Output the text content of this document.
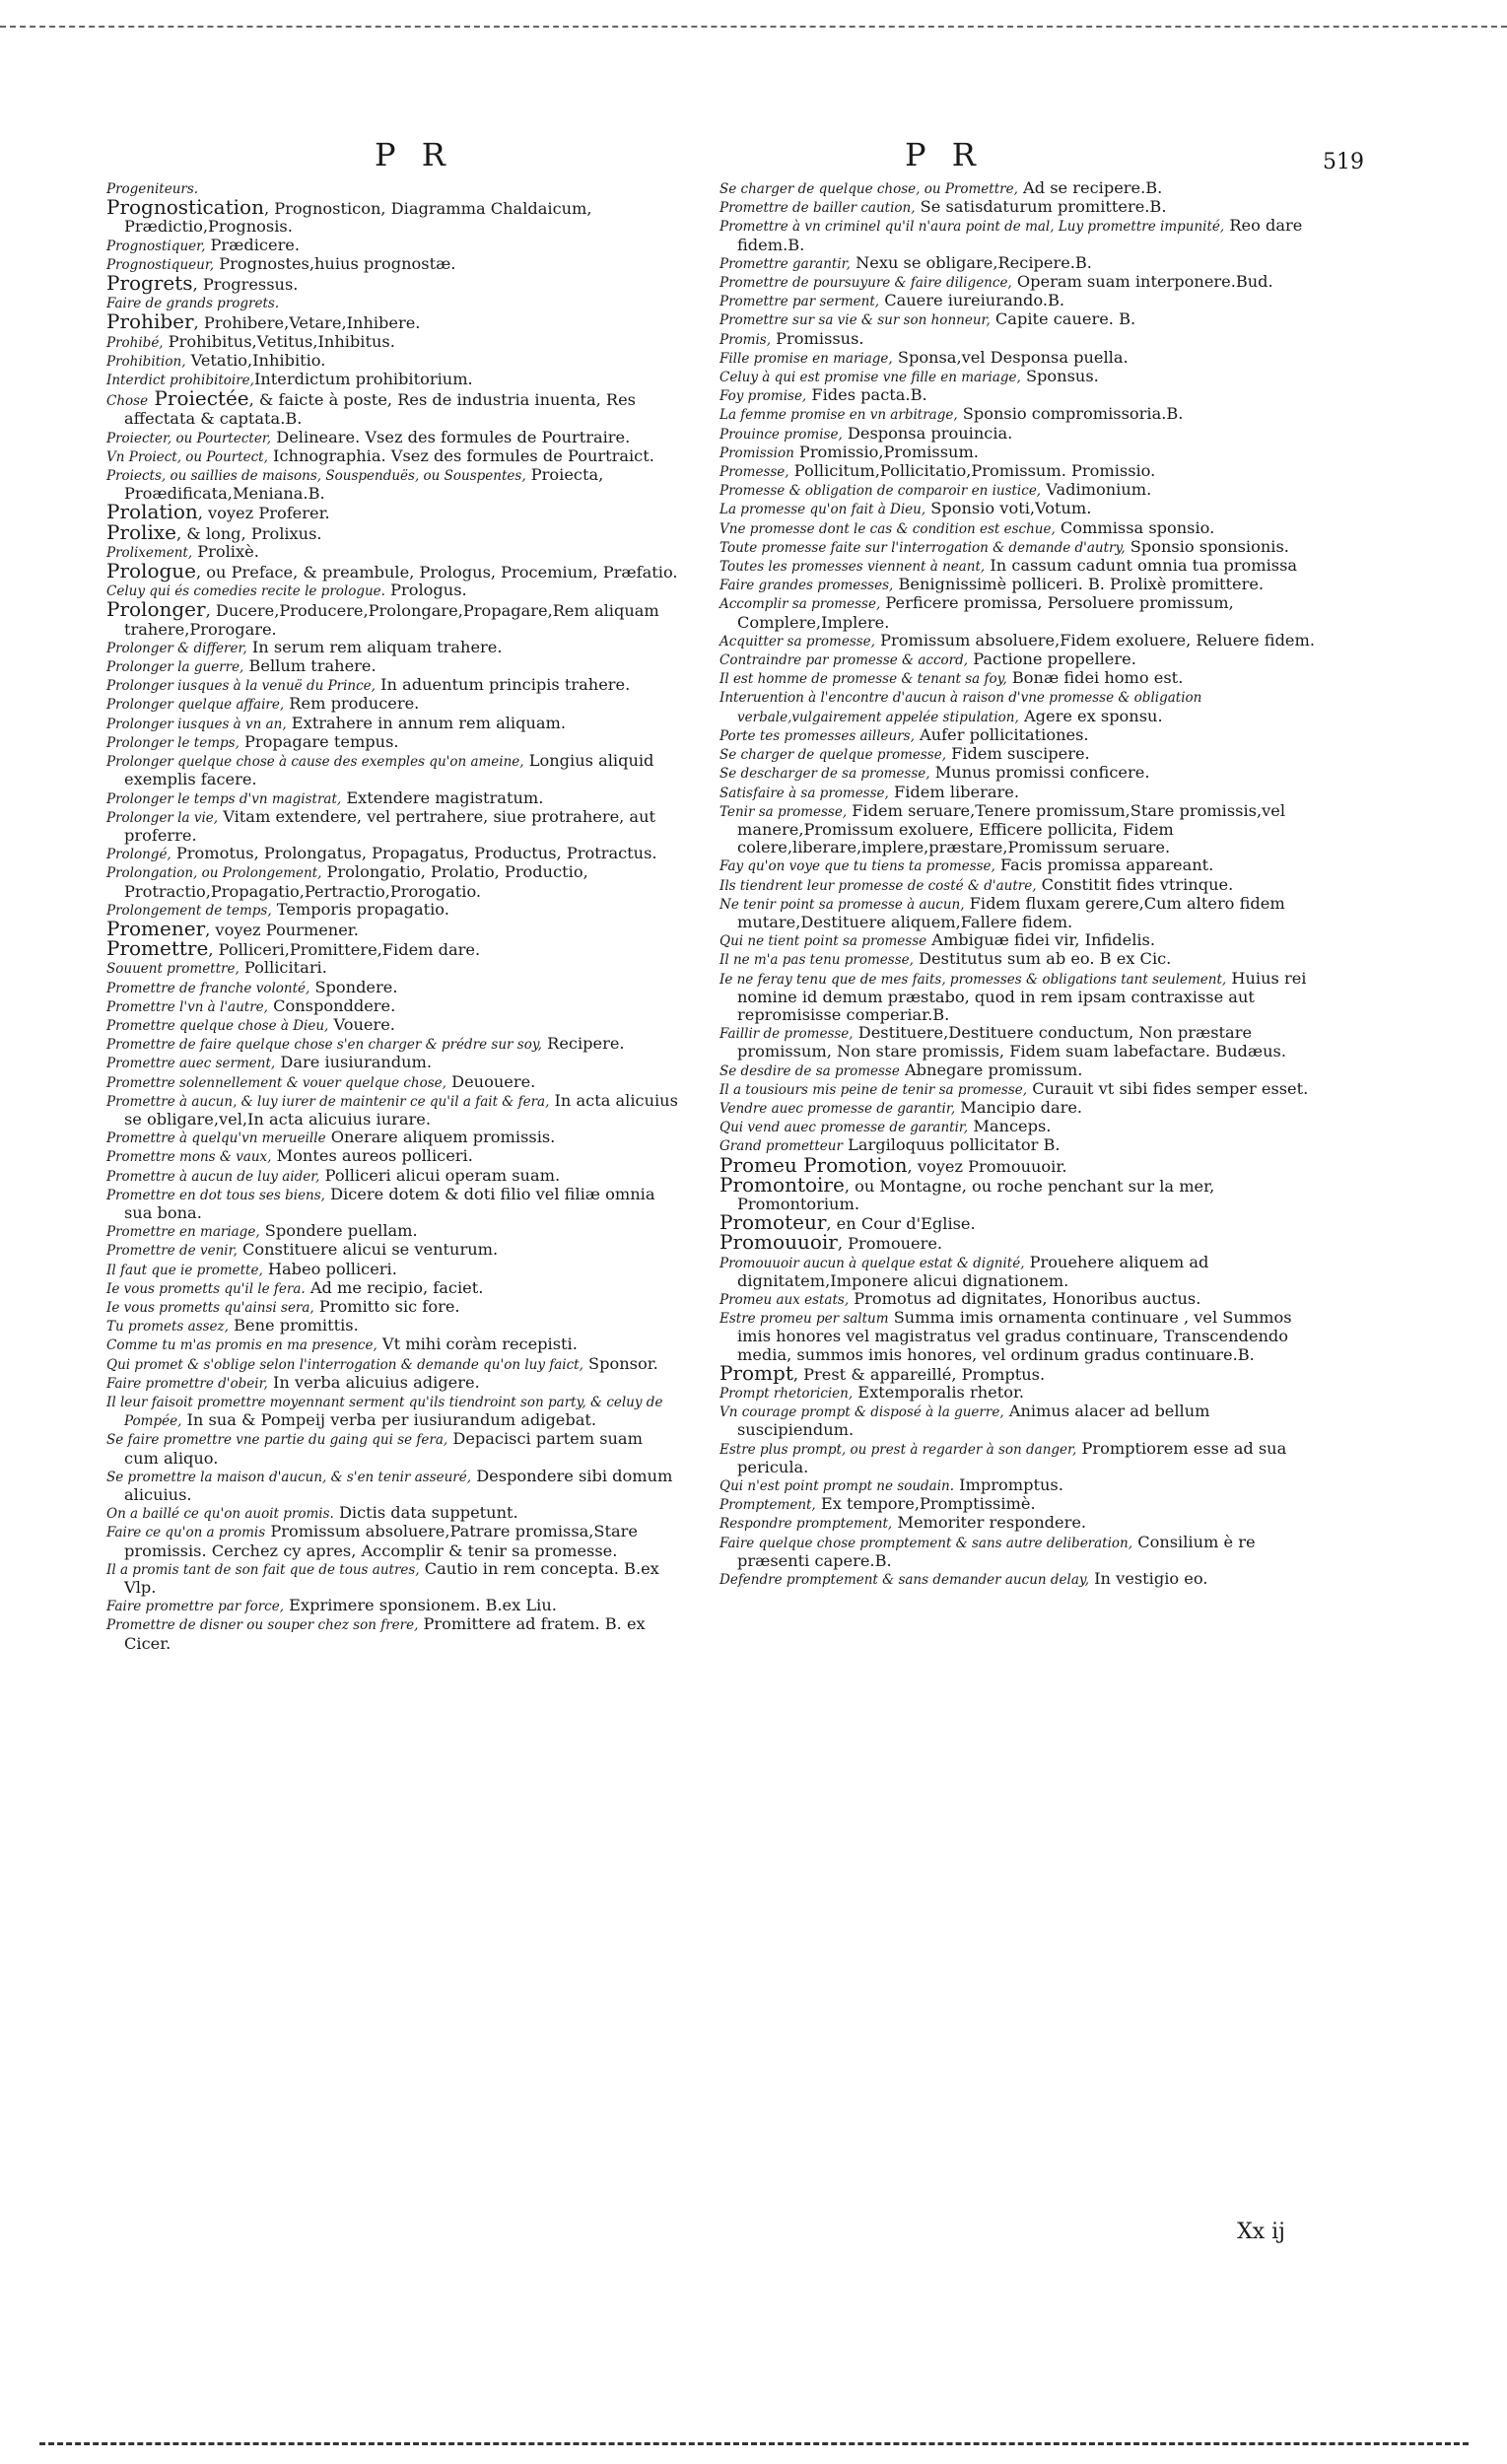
P R	P R	519

Progeniteurs.

Prognostication, Prognosticon, Diagramma Chaldaicum, Prædictio,Prognosis.

Prognostiquer, Prædicere.

Prognostiqueur, Prognostes,huius prognostæ.

Progrets, Progressus.

Faire de grands progrets.

Prohiber, Prohibere,Vetare,Inhibere.

Prohibé, Prohibitus,Vetitus,Inhibitus.

Prohibition, Vetatio,Inhibitio.

Interdict prohibitoire,Interdictum prohibitorium.

Chose Proiectée, & faicte à poste, Res de industria inuenta, Res affectata & captata.B.

Proiecter, ou Pourtecter, Delineare. Vsez des formules de Pourtraire.

Vn Proiect, ou Pourtect, Ichnographia. Vsez des formules de Pourtraict.

Proiects, ou saillies de maisons, Souspenduës, ou Souspentes, Proiecta, Proædificata,Meniana.B.

Prolation, voyez Proferer.

Prolixe, & long, Prolixus.

Prolixement, Prolixè.

Prologue, ou Preface, & preambule, Prologus, Procemium, Præfatio.

Celuy qui és comedies recite le prologue. Prologus.

Prolonger, Ducere,Producere,Prolongare,Propagare,Rem aliquam trahere,Prorogare.

Prolonger & differer, In serum rem aliquam trahere.

Prolonger la guerre, Bellum trahere.

Prolonger iusques à la venuë du Prince, In aduentum principis trahere.

Prolonger quelque affaire, Rem producere.

Prolonger iusques à vn an, Extrahere in annum rem aliquam.

Prolonger le temps, Propagare tempus.

Prolonger quelque chose à cause des exemples qu'on ameine, Longius aliquid exemplis facere.

Prolonger le temps d'vn magistrat, Extendere magistratum.

Prolonger la vie, Vitam extendere, vel pertrahere, siue protrahere, aut proferre.

Prolongé, Promotus, Prolongatus, Propagatus, Productus, Protractus.

Prolongation, ou Prolongement, Prolongatio, Prolatio, Productio, Protractio,Propagatio,Pertractio,Prorogatio.

Prolongement de temps, Temporis propagatio.

Promener, voyez Pourmener.

Promettre, Polliceri,Promittere,Fidem dare.

Souuent promettre, Pollicitari.

Promettre de franche volonté, Spondere.

Promettre l'vn à l'autre, Consponddere.

Promettre quelque chose à Dieu, Vouere.

Promettre de faire quelque chose s'en charger & prédre sur soy, Recipere.

Promettre auec serment, Dare iusiurandum.

Promettre solennellement & vouer quelque chose, Deuouere.

Promettre à aucun, & luy iurer de maintenir ce qu'il a fait & fera, In acta alicuius se obligare,vel,In acta alicuius iurare.

Promettre à quelqu'vn merueille Onerare aliquem promissis.

Promettre mons & vaux, Montes aureos polliceri.

Promettre à aucun de luy aider, Polliceri alicui operam suam.

Promettre en dot tous ses biens, Dicere dotem & doti filio vel filiæ omnia sua bona.

Promettre en mariage, Spondere puellam.

Promettre de venir, Constituere alicui se venturum.

Il faut que ie promette, Habeo polliceri.

Ie vous prometts qu'il le fera. Ad me recipio, faciet.

Ie vous prometts qu'ainsi sera, Promitto sic fore.

Tu promets assez, Bene promittis.

Comme tu m'as promis en ma presence, Vt mihi coràm recepisti.

Qui promet & s'oblige selon l'interrogation & demande qu'on luy faict, Sponsor.

Faire promettre d'obeir, In verba alicuius adigere.

Il leur faisoit promettre moyennant serment qu'ils tiendroint son party, & celuy de Pompée, In sua & Pompeij verba per iusiurandum adigebat.

Se faire promettre vne partie du gaing qui se fera, Depacisci partem suam cum aliquo.

Se promettre la maison d'aucun, & s'en tenir asseuré, Despondere sibi domum alicuius.

On a baillé ce qu'on auoit promis. Dictis data suppetunt.

Faire ce qu'on a promis Promissum absoluere,Patrare promissa,Stare promissis. Cerchez cy apres, Accomplir & tenir sa promesse.

Il a promis tant de son fait que de tous autres, Cautio in rem concepta. B.ex Vlp.

Faire promettre par force, Exprimere sponsionem. B.ex Liu.

Promettre de disner ou souper chez son frere, Promittere ad fratem. B. ex Cicer.

Se charger de quelque chose, ou Promettre, Ad se recipere.B.

Promettre de bailler caution, Se satisdaturum promittere.B.

Promettre à vn criminel qu'il n'aura point de mal, Luy promettre impunité, Reo dare fidem.B.

Promettre garantir, Nexu se obligare,Recipere.B.

Promettre de poursuyure & faire diligence, Operam suam interponere.Bud.

Promettre par serment, Cauere iureiurando.B.

Promettre sur sa vie & sur son honneur, Capite cauere. B.

Promis, Promissus.

Fille promise en mariage, Sponsa,vel Desponsa puella.

Celuy à qui est promise vne fille en mariage, Sponsus.

Foy promise, Fides pacta.B.

La femme promise en vn arbitrage, Sponsio compromissoria.B.

Prouince promise, Desponsa prouincia.

Promission Promissio,Promissum.

Promesse, Pollicitum,Pollicitatio,Promissum. Promissio.

Promesse & obligation de comparoir en iustice, Vadimonium.

La promesse qu'on fait à Dieu, Sponsio voti,Votum.

Vne promesse dont le cas & condition est eschue, Commissa sponsio.

Toute promesse faite sur l'interrogation & demande d'autry, Sponsio sponsionis.

Toutes les promesses viennent à neant, In cassum cadunt omnia tua promissa

Faire grandes promesses, Benignissimè polliceri. B. Prolixè promittere.

Accomplir sa promesse, Perficere promissa, Persoluere promissum, Complere,Implere.

Acquitter sa promesse, Promissum absoluere,Fidem exoluere, Reluere fidem.

Contraindre par promesse & accord, Pactione propellere.

Il est homme de promesse & tenant sa foy, Bonæ fidei homo est.

Interuention à l'encontre d'aucun à raison d'vne promesse & obligation verbale,vulgairement appelée stipulation, Agere ex sponsu.

Porte tes promesses ailleurs, Aufer pollicitationes.

Se charger de quelque promesse, Fidem suscipere.

Se descharger de sa promesse, Munus promissi conficere.

Satisfaire à sa promesse, Fidem liberare.

Tenir sa promesse, Fidem seruare,Tenere promissum,Stare promissis,vel manere,Promissum exoluere, Efficere pollicita, Fidem colere,liberare,implere,præstare,Promissum seruare.

Fay qu'on voye que tu tiens ta promesse, Facis promissa appareant.

Ils tiendrent leur promesse de costé & d'autre, Constitit fides vtrinque.

Ne tenir point sa promesse à aucun, Fidem fluxam gerere,Cum altero fidem mutare,Destituere aliquem,Fallere fidem.

Qui ne tient point sa promesse Ambiguæ fidei vir, Infidelis.

Il ne m'a pas tenu promesse, Destitutus sum ab eo. B ex Cic.

Ie ne feray tenu que de mes faits, promesses & obligations tant seulement, Huius rei nomine id demum præstabo, quod in rem ipsam contraxisse aut repromisisse comperiar.B.

Faillir de promesse, Destituere,Destituere conductum, Non præstare promissum, Non stare promissis, Fidem suam labefactare. Budæus.

Se desdire de sa promesse Abnegare promissum.

Il a tousiours mis peine de tenir sa promesse, Curauit vt sibi fides semper esset.

Vendre auec promesse de garantir, Mancipio dare.

Qui vend auec promesse de garantir, Manceps.

Grand prometteur Largiloquus pollicitator B.

Promeu Promotion, voyez Promouuoir.

Promontoire, ou Montagne, ou roche penchant sur la mer, Promontorium.

Promoteur, en Cour d'Eglise.

Promouuoir, Promouere.

Promouuoir aucun à quelque estat & dignité, Prouehere aliquem ad dignitatem,Imponere alicui dignationem.

Promeu aux estats, Promotus ad dignitates, Honoribus auctus.

Estre promeu per saltum Summa imis ornamenta continuare , vel Summos imis honores vel magistratus vel gradus continuare, Transcendendo media, summos imis honores, vel ordinum gradus continuare.B.

Prompt, Prest & appareillé, Promptus.

Prompt rhetoricien, Extemporalis rhetor.

Vn courage prompt & disposé à la guerre, Animus alacer ad bellum suscipiendum.

Estre plus prompt, ou prest à regarder à son danger, Promptiorem esse ad sua pericula.

Qui n'est point prompt ne soudain. Impromptus.

Promptement, Ex tempore,Promptissimè.

Respondre promptement, Memoriter respondere.

Faire quelque chose promptement & sans autre deliberation, Consilium è re præsenti capere.B.

Defendre promptement & sans demander aucun delay, In vestigio eo.

Xx ij
